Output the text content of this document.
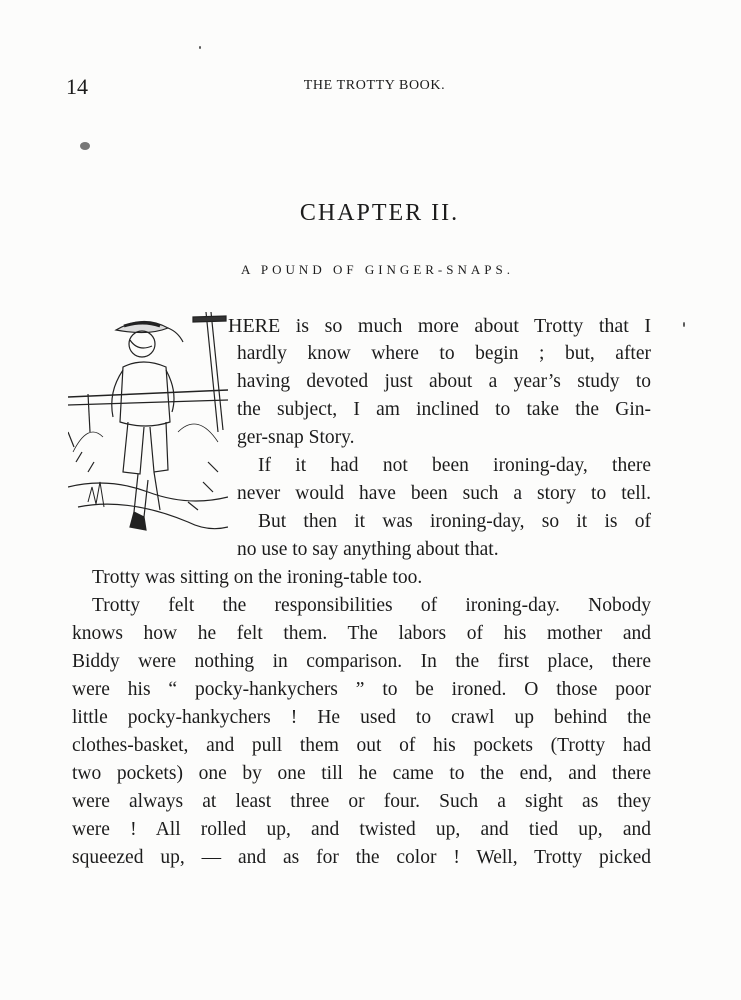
14	THE TROTTY BOOK.
CHAPTER II.
A POUND OF GINGER-SNAPS.
HERE is so much more about Trotty that I
hardly know where to begin ; but, after
having devoted just about a year’s study to
the subject, I am inclined to take the Gin-
ger-snap Story.
If it had not been ironing-day, there
never would have been such a story to tell.
But then it was ironing-day, so it is of
no use to say anything about that.
Trotty was sitting on the ironing-table too.
Trotty felt the responsibilities of ironing-day. Nobody
knows how he felt them. The labors of his mother and
Biddy were nothing in comparison. In the first place, there
were his “ pocky-hankychers ” to be ironed. O those poor
little pocky-hankychers ! He used to crawl up behind the
clothes-basket, and pull them out of his pockets (Trotty had
two pockets) one by one till he came to the end, and there
were always at least three or four. Such a sight as they
were ! All rolled up, and twisted up, and tied up, and
squeezed up, — and as for the color ! Well, Trotty picked
